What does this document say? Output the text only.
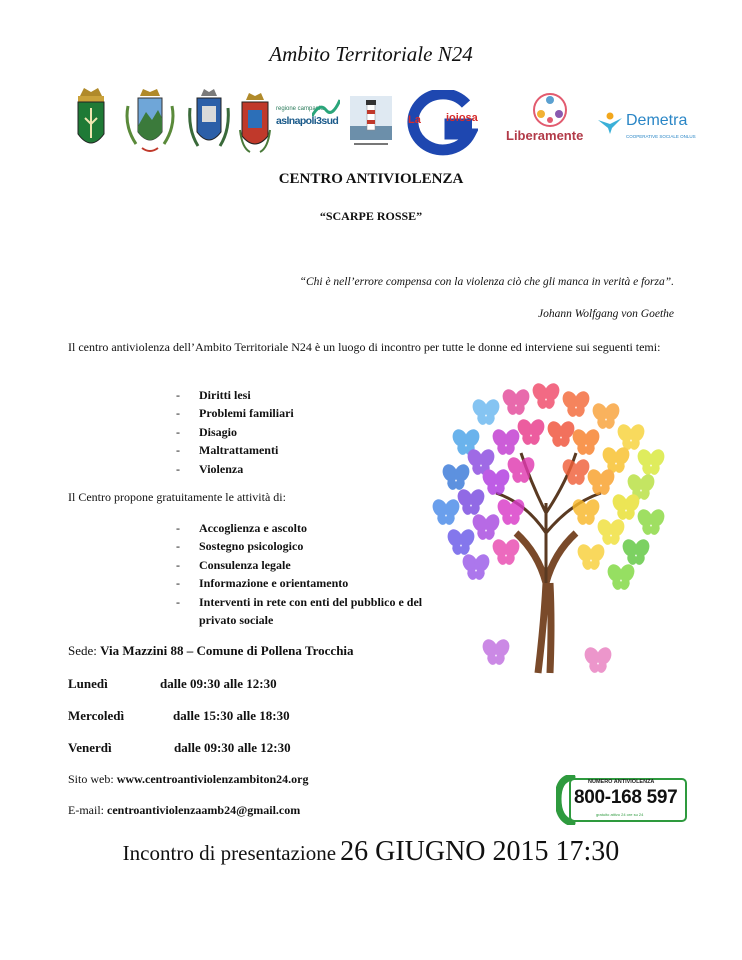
Ambito Territoriale N24
regione campania
aslnapoli3sud	La ioiosa
Liberamente
Demetra
COOPERATIVE SOCIALE ONLUS
CENTRO ANTIVIOLENZA
“SCARPE ROSSE”
“Chi è nell’errore compensa con la violenza ciò che gli manca in verità e forza”.
Johann Wolfgang von Goethe
Il centro antiviolenza dell’Ambito Territoriale N24 è un luogo di incontro per tutte le donne ed interviene sui seguenti temi:
- Diritti lesi
- Problemi familiari
- Disagio
- Maltrattamenti
- Violenza
Il Centro propone gratuitamente le attività di:
- Accoglienza e ascolto
- Sostegno psicologico
- Consulenza legale
- Informazione e orientamento
- Interventi in rete con enti del pubblico e del privato sociale
Sede: Via Mazzini 88 – Comune di Pollena Trocchia
Lunedì	dalle 09:30 alle 12:30
Mercoledì	dalle 15:30 alle 18:30
Venerdì	dalle 09:30 alle 12:30
Sito web: www.centroantiviolenzambiton24.org
E-mail: centroantiviolenzaamb24@gmail.com
NUMERO ANTIVIOLENZA
800-168 597
gratuito attivo 24 ore su 24
Incontro di presentazione 26 GIUGNO 2015 17:30
